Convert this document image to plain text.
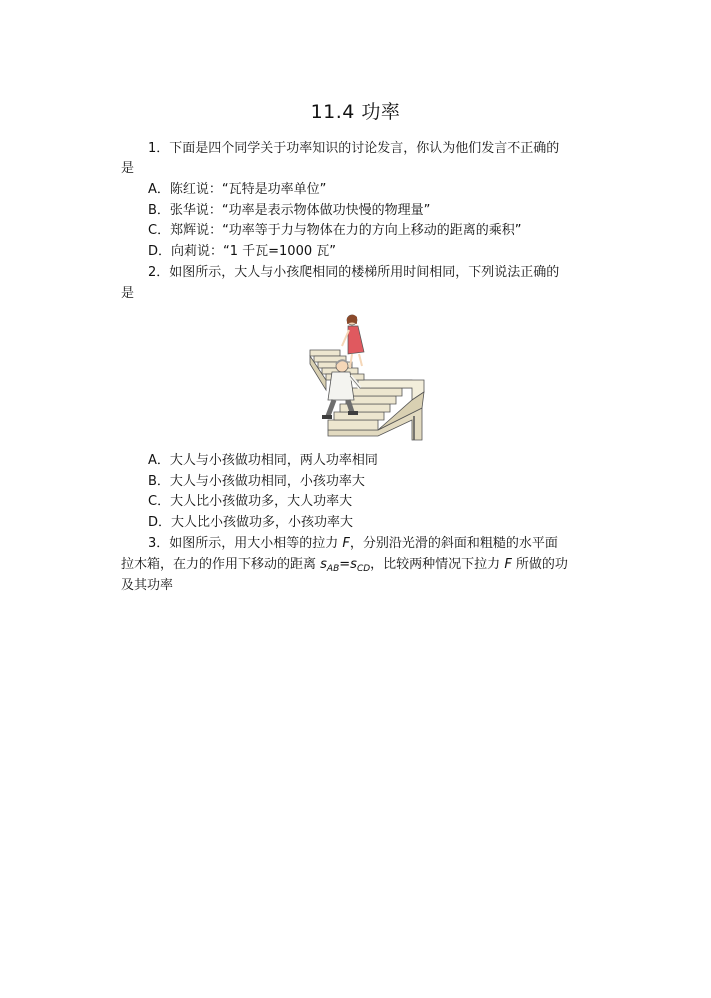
11.4 功率
1．下面是四个同学关于功率知识的讨论发言，你认为他们发言不正确的
是
A．陈红说：“瓦特是功率单位”
B．张华说：“功率是表示物体做功快慢的物理量”
C．郑辉说：“功率等于力与物体在力的方向上移动的距离的乘积”
D．向莉说：“1 千瓦=1000 瓦”
2．如图所示，大人与小孩爬相同的楼梯所用时间相同，下列说法正确的
是
A．大人与小孩做功相同，两人功率相同
B．大人与小孩做功相同，小孩功率大
C．大人比小孩做功多，大人功率大
D．大人比小孩做功多，小孩功率大
3．如图所示，用大小相等的拉力 F，分别沿光滑的斜面和粗糙的水平面
拉木箱，在力的作用下移动的距离 $s_{AB}=s_{CD}$，比较两种情况下拉力 F 所做的功
及其功率
